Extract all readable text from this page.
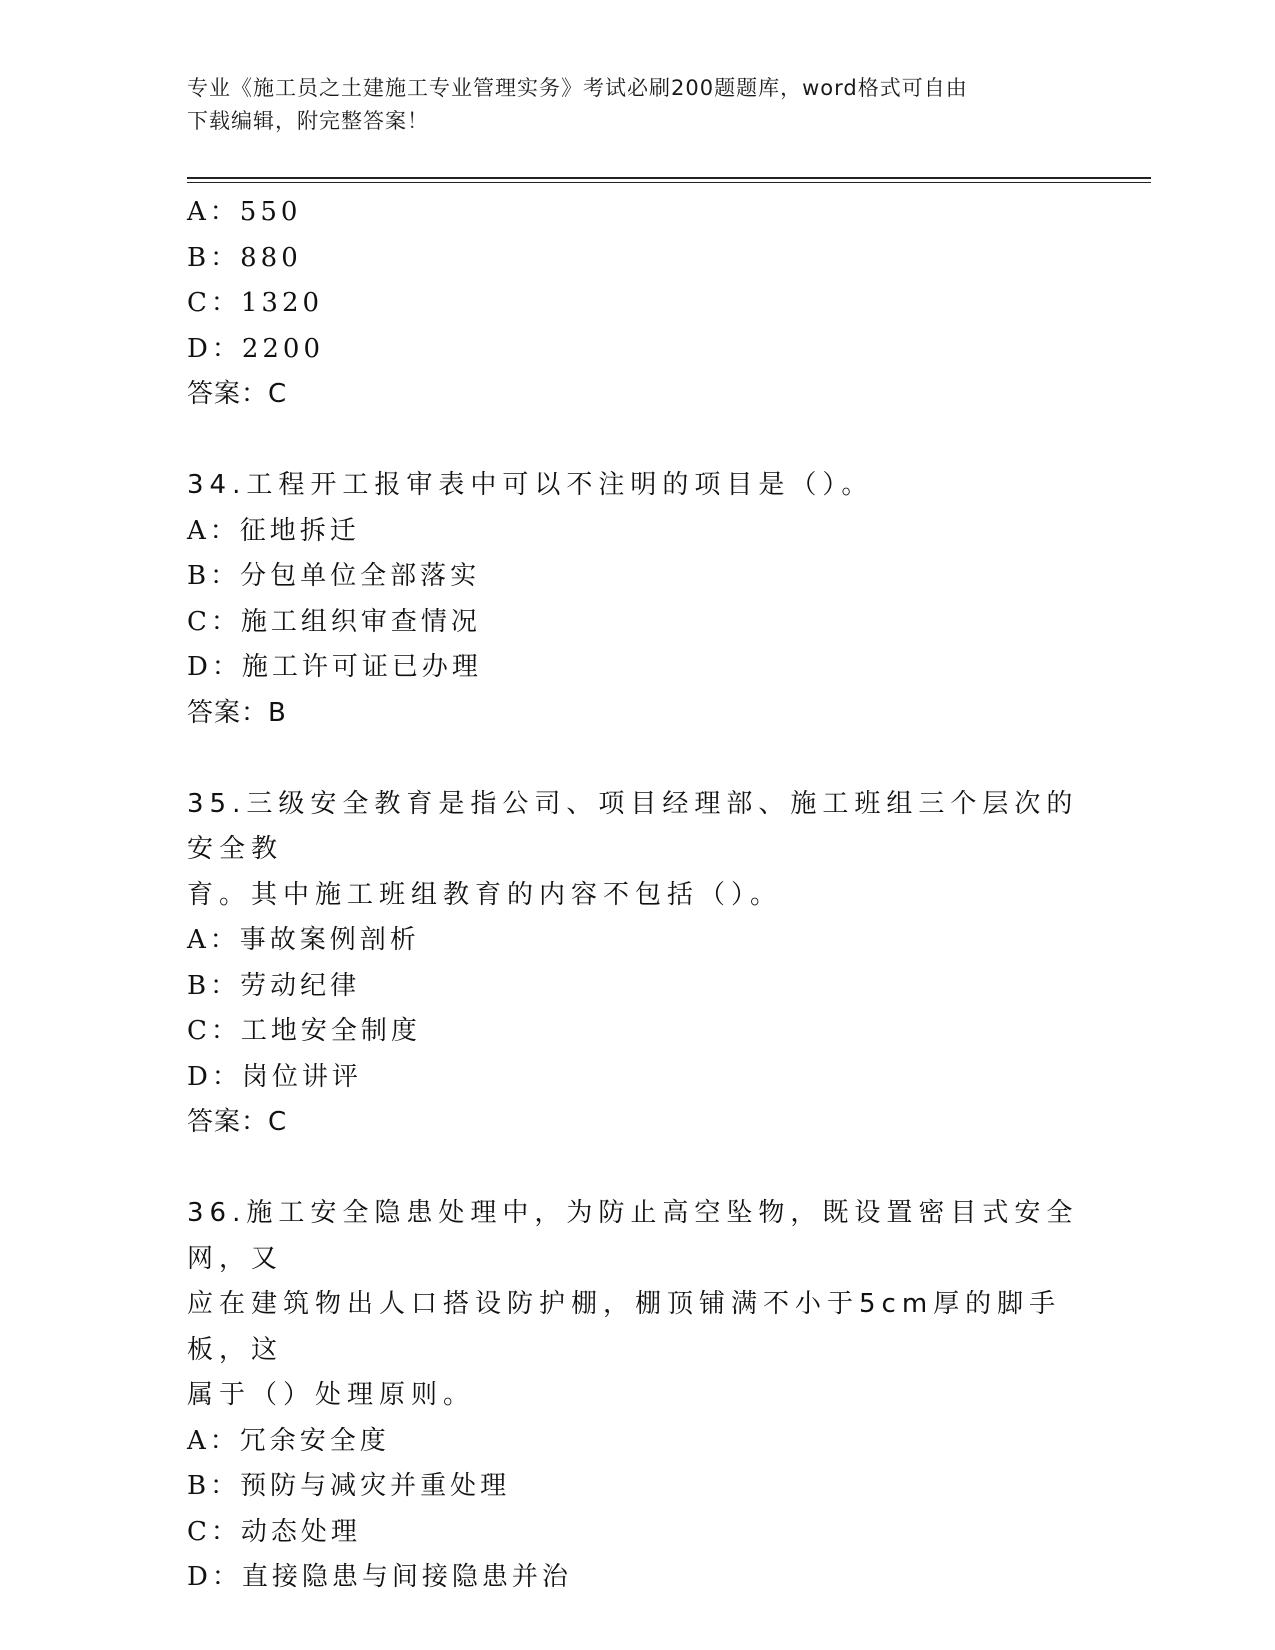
专业《施工员之土建施工专业管理实务》考试必刷200题题库，word格式可自由
下载编辑，附完整答案！
A：550
B：880
C：1320
D：2200
答案：C
34.工程开工报审表中可以不注明的项目是（）。
A：征地拆迁
B：分包单位全部落实
C：施工组织审查情况
D：施工许可证已办理
答案：B
35.三级安全教育是指公司、项目经理部、施工班组三个层次的安全教
育。其中施工班组教育的内容不包括（）。
A：事故案例剖析
B：劳动纪律
C：工地安全制度
D：岗位讲评
答案：C
36.施工安全隐患处理中，为防止高空坠物，既设置密目式安全网，又
应在建筑物出人口搭设防护棚，棚顶铺满不小于5cm厚的脚手板，这
属于（）处理原则。
A：冗余安全度
B：预防与减灾并重处理
C：动态处理
D：直接隐患与间接隐患并治
